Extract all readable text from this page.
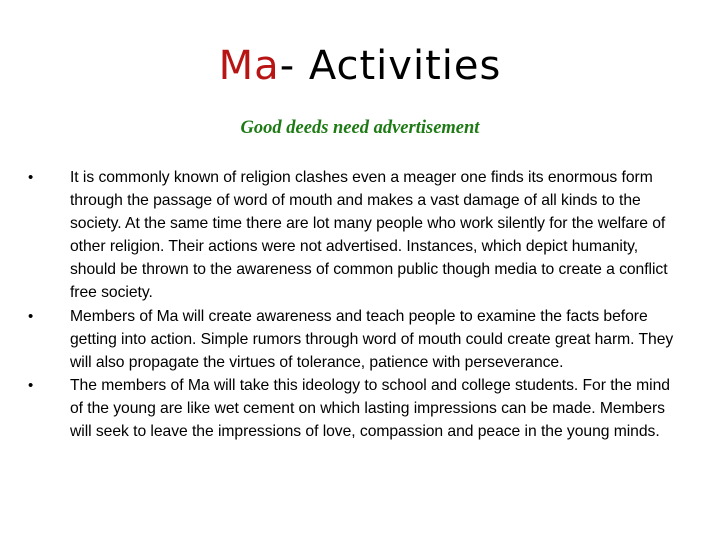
Ma- Activities
Good deeds need advertisement
•	It is commonly known of religion clashes even a meager one finds its enormous form through the passage of word of mouth and makes a vast damage of all kinds to the society. At the same time there are lot many people who work silently for the welfare of other religion. Their actions were not advertised. Instances, which depict humanity, should be thrown to the awareness of common public though media to create a conflict free society.
•	Members of Ma will create awareness and teach people to examine the facts before getting into action. Simple rumors through word of mouth could create great harm. They will also propagate the virtues of tolerance, patience with perseverance.
•	The members of Ma will take this ideology to school and college students. For the mind of the young are like wet cement on which lasting impressions can be made. Members will seek to leave the impressions of love, compassion and peace in the young minds.
